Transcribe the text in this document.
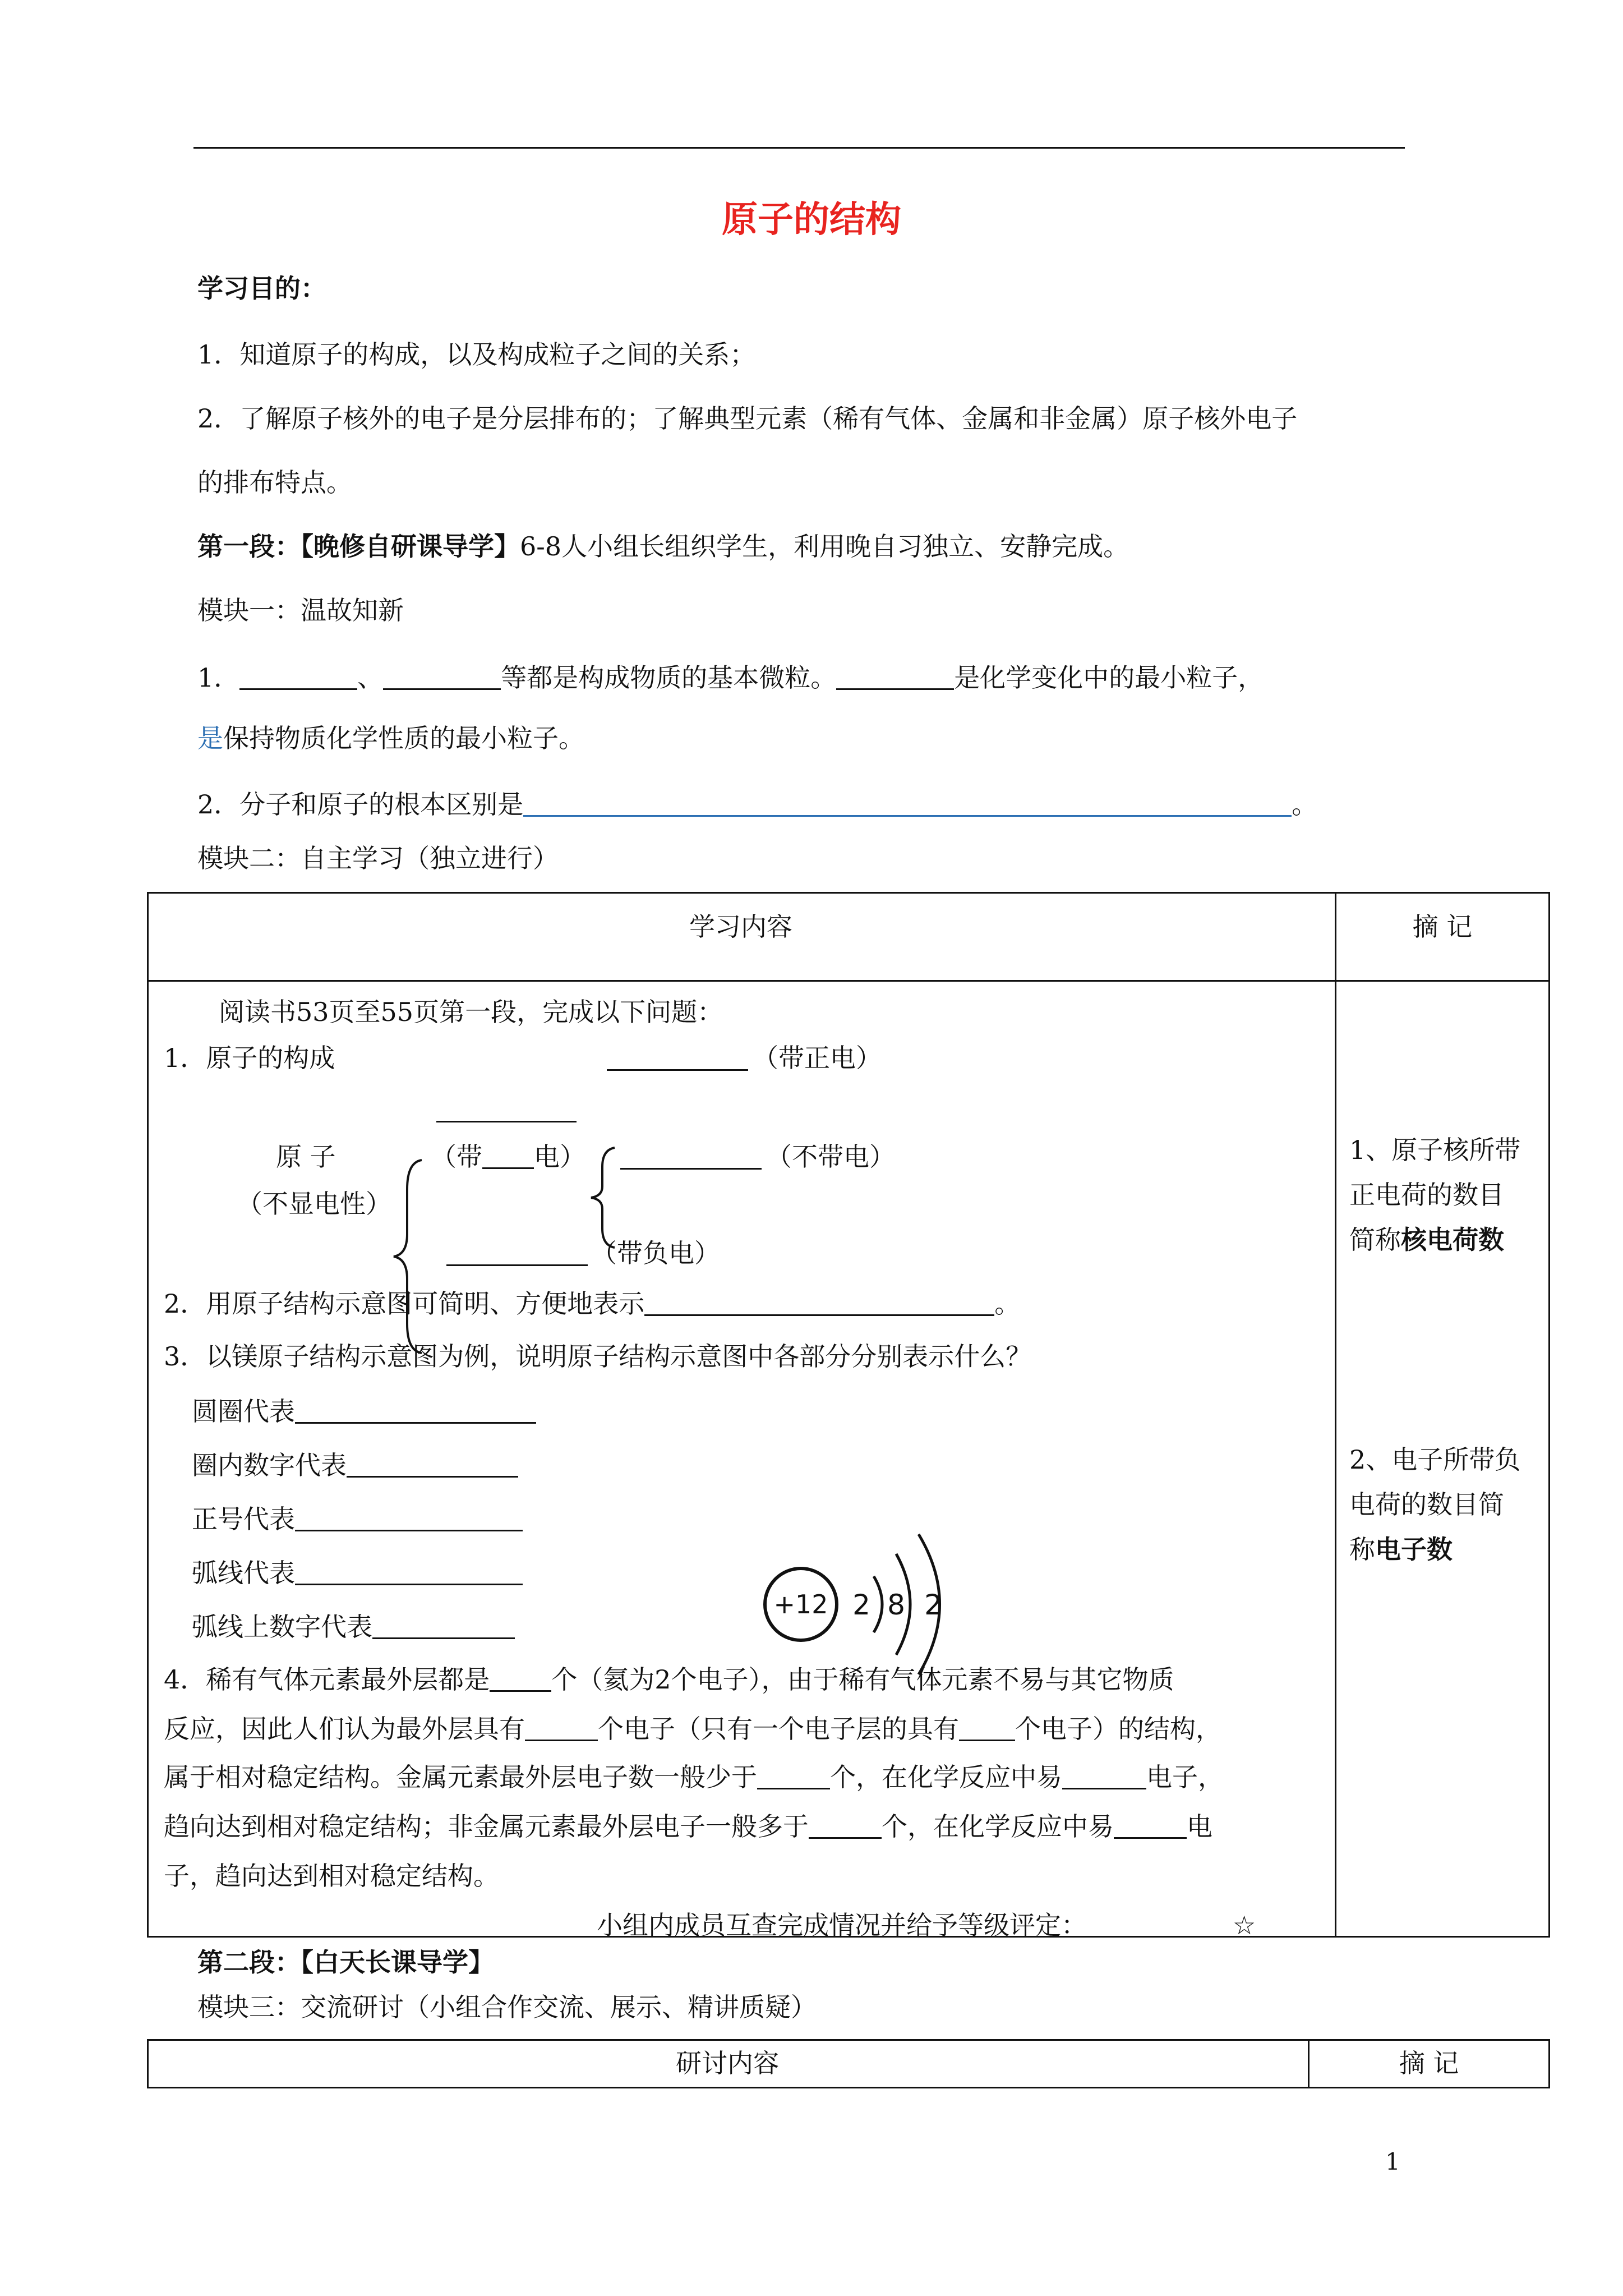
原子的结构
学习目的：
1．知道原子的构成，以及构成粒子之间的关系；
2．了解原子核外的电子是分层排布的；了解典型元素（稀有气体、金属和非金属）原子核外电子
的排布特点。
第一段：【晚修自研课导学】6-8人小组长组织学生，利用晚自习独立、安静完成。
模块一：温故知新
1．	、	等都是构成物质的基本微粒。	是化学变化中的最小粒子，
是保持物质化学性质的最小粒子。
2．分子和原子的根本区别是	。
模块二：自主学习（独立进行）
学习内容	摘 记
阅读书53页至55页第一段，完成以下问题：
1．原子的构成	（带正电）
原 子	（带 电）	（不带电）
（不显电性）
（带负电）
2．用原子结构示意图可简明、方便地表示	。
3．以镁原子结构示意图为例，说明原子结构示意图中各部分分别表示什么？
圆圈代表
圈内数字代表
正号代表
弧线代表
弧线上数字代表
+12 2 8 2
4．稀有气体元素最外层都是 个（氦为2个电子），由于稀有气体元素不易与其它物质
反应，因此人们认为最外层具有	个电子（只有一个电子层的具有 个电子）的结构，
属于相对稳定结构。金属元素最外层电子数一般少于	个，在化学反应中易	电子，
趋向达到相对稳定结构；非金属元素最外层电子一般多于	个，在化学反应中易	电
子，趋向达到相对稳定结构。
小组内成员互查完成情况并给予等级评定：	☆
1、原子核所带
正电荷的数目
简称核电荷数
2、电子所带负
电荷的数目简
称电子数
第二段：【白天长课导学】
模块三：交流研讨（小组合作交流、展示、精讲质疑）
研讨内容	摘 记
1
